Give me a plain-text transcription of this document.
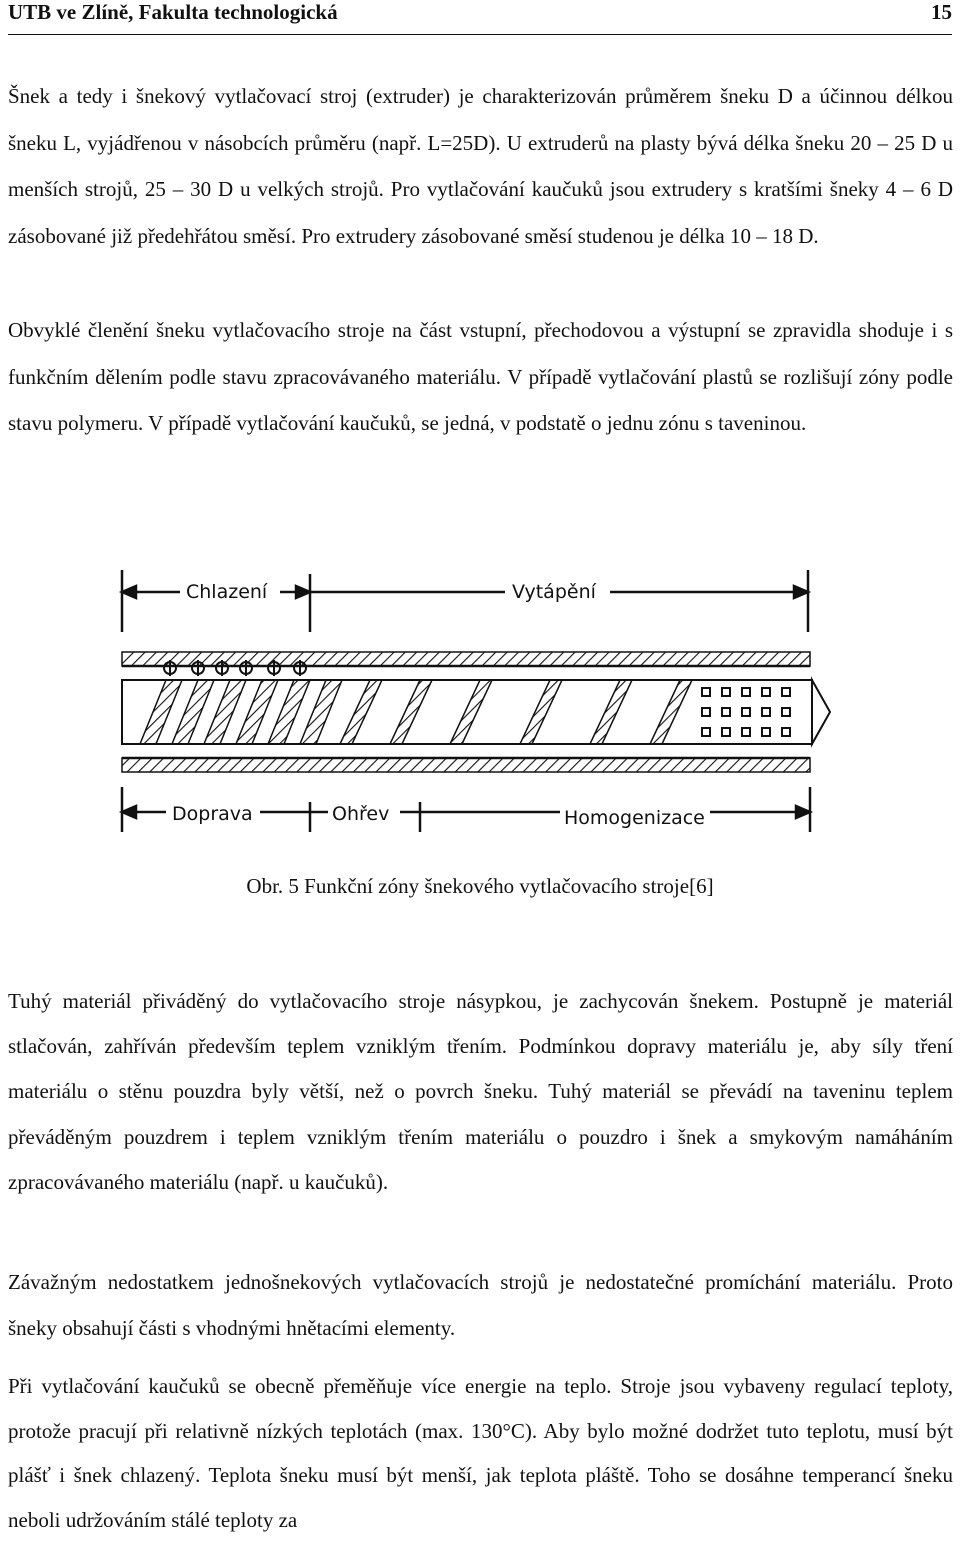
UTB ve Zlíně, Fakulta technologická	15

Šnek a tedy i šnekový vytlačovací stroj (extruder) je charakterizován průměrem šneku D a účinnou délkou šneku L, vyjádřenou v násobcích průměru (např. L=25D). U extruderů na plasty bývá délka šneku 20 – 25 D u menších strojů, 25 – 30 D u velkých strojů. Pro vytlačování kaučuků jsou extrudery s kratšími šneky 4 – 6 D zásobované již předehřátou směsí. Pro extrudery zásobované směsí studenou je délka 10 – 18 D.

Obvyklé členění šneku vytlačovacího stroje na část vstupní, přechodovou a výstupní se zpravidla shoduje i s funkčním dělením podle stavu zpracovávaného materiálu. V případě vytlačování plastů se rozlišují zóny podle stavu polymeru. V případě vytlačování kaučuků, se jedná, v podstatě o jednu zónu s taveninou.

Chlazení	Vytápění
Doprava	Ohřev	Homogenizace
Obr. 5 Funkční zóny šnekového vytlačovacího stroje[6]

Tuhý materiál přiváděný do vytlačovacího stroje násypkou, je zachycován šnekem. Postupně je materiál stlačován, zahříván především teplem vzniklým třením. Podmínkou dopravy materiálu je, aby síly tření materiálu o stěnu pouzdra byly větší, než o povrch šneku. Tuhý materiál se převádí na taveninu teplem převáděným pouzdrem i teplem vzniklým třením materiálu o pouzdro i šnek a smykovým namáháním zpracovávaného materiálu (např. u kaučuků).

Závažným nedostatkem jednošnekových vytlačovacích strojů je nedostatečné promíchání materiálu. Proto šneky obsahují části s vhodnými hnětacími elementy.

Při vytlačování kaučuků se obecně přeměňuje více energie na teplo. Stroje jsou vybaveny regulací teploty, protože pracují při relativně nízkých teplotách (max. 130°C). Aby bylo možné dodržet tuto teplotu, musí být plášť i šnek chlazený. Teplota šneku musí být menší, jak teplota pláště. Toho se dosáhne temperancí šneku neboli udržováním stálé teploty za
